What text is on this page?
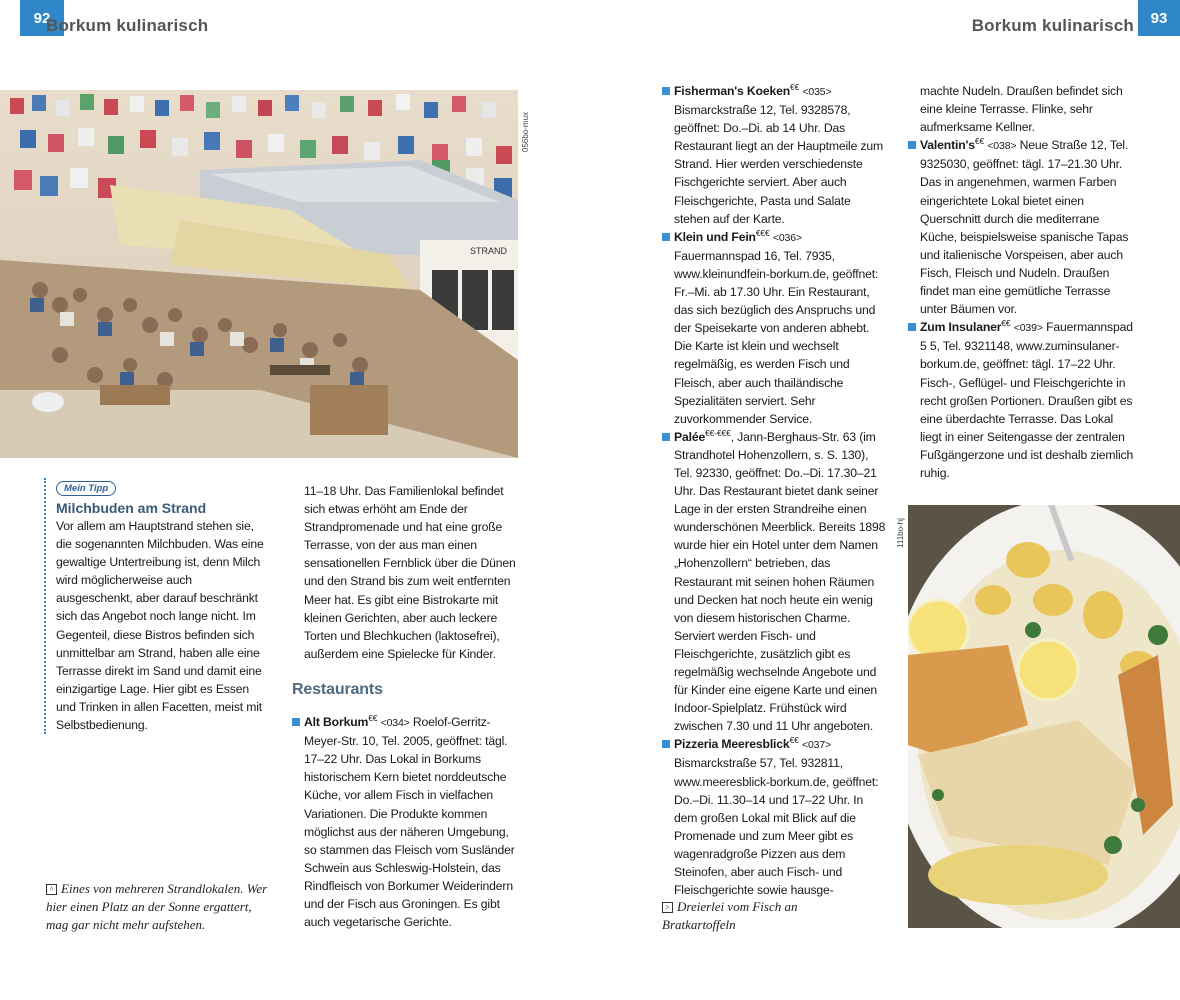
92
Borkum kulinarisch	Borkum kulinarisch	93
STRAND
056bo-mux
Mein Tipp
Milchbuden am Strand
Vor allem am Hauptstrand stehen sie, die sogenannten Milchbuden. Was eine gewaltige Untertreibung ist, denn Milch wird möglicherweise auch ausgeschenkt, aber darauf beschränkt sich das Angebot noch lange nicht. Im Gegenteil, diese Bistros befinden sich unmittelbar am Strand, haben alle eine Terrasse direkt im Sand und damit eine einzigartige Lage. Hier gibt es Essen und Trinken in allen Facetten, meist mit Selbstbedienung.
^ Eines von mehreren Strandlokalen. Wer hier einen Platz an der Sonne ergattert, mag gar nicht mehr aufstehen.

11–18 Uhr. Das Familienlokal befindet sich etwas erhöht am Ende der Strandpromenade und hat eine große Terrasse, von der aus man einen sensationellen Fernblick über die Dünen und den Strand bis zum weit entfernten Meer hat. Es gibt eine Bistrokarte mit kleinen Gerichten, aber auch leckere Torten und Blechkuchen (laktosefrei), außerdem eine Spielecke für Kinder.

Restaurants
Alt Borkum€€ <034> Roelof-Gerritz-Meyer-Str. 10, Tel. 2005, geöffnet: tägl. 17–22 Uhr. Das Lokal in Borkums historischem Kern bietet norddeutsche Küche, vor allem Fisch in vielfachen Variationen. Die Produkte kommen möglichst aus der näheren Umgebung, so stammen das Fleisch vom Susländer Schwein aus Schleswig-Holstein, das Rindfleisch von Borkumer Weiderindern und der Fisch aus Groningen. Es gibt auch vegetarische Gerichte.
Fisherman's Koeken€€ <035> Bismarckstraße 12, Tel. 9328578, geöffnet: Do.–Di. ab 14 Uhr. Das Restaurant liegt an der Hauptmeile zum Strand. Hier werden verschiedenste Fischgerichte serviert. Aber auch Fleischgerichte, Pasta und Salate stehen auf der Karte.
Klein und Fein€€€ <036> Fauermannspad 16, Tel. 7935, www.kleinundfein-borkum.de, geöffnet: Fr.–Mi. ab 17.30 Uhr. Ein Restaurant, das sich bezüglich des Anspruchs und der Speisekarte von anderen abhebt. Die Karte ist klein und wechselt regelmäßig, es werden Fisch und Fleisch, aber auch thailändische Spezialitäten serviert. Sehr zuvorkommender Service.
Paléе€€-€€€, Jann-Berghaus-Str. 63 (im Strandhotel Hohenzollern, s. S. 130), Tel. 92330, geöffnet: Do.–Di. 17.30–21 Uhr. Das Restaurant bietet dank seiner Lage in der ersten Strandreihe einen wunderschönen Meerblick. Bereits 1898 wurde hier ein Hotel unter dem Namen „Hohenzollern“ betrieben, das Restaurant mit seinen hohen Räumen und Decken hat noch heute ein wenig von diesem historischen Charme. Serviert werden Fisch- und Fleischgerichte, zusätzlich gibt es regelmäßig wechselnde Angebote und für Kinder eine eigene Karte und einen Indoor-Spielplatz. Frühstück wird zwischen 7.30 und 11 Uhr angeboten.
Pizzeria Meeresblick€€ <037> Bismarckstraße 57, Tel. 932811, www.meeresblick-borkum.de, geöffnet: Do.–Di. 11.30–14 und 17–22 Uhr. In dem großen Lokal mit Blick auf die Promenade und zum Meer gibt es wagenradgroße Pizzen aus dem Steinofen, aber auch Fisch- und Fleischgerichte sowie hausge-
> Dreierlei vom Fisch an Bratkartoffeln

machte Nudeln. Draußen befindet sich eine kleine Terrasse. Flinke, sehr aufmerksame Kellner.

Valentin's€€ <038> Neue Straße 12, Tel. 9325030, geöffnet: tägl. 17–21.30 Uhr. Das in angenehmen, warmen Farben eingerichtete Lokal bietet einen Querschnitt durch die mediterrane Küche, beispielsweise spanische Tapas und italienische Vorspeisen, aber auch Fisch, Fleisch und Nudeln. Draußen findet man eine gemütliche Terrasse unter Bäumen vor.
Zum Insulaner€€ <039> Fauermannspad 5 5, Tel. 9321148, www.zuminsulaner-borkum.de, geöffnet: tägl. 17–22 Uhr. Fisch-, Geflügel- und Fleischgerichte in recht großen Portionen. Draußen gibt es eine überdachte Terrasse. Das Lokal liegt in einer Seitengasse der zentralen Fußgängerzone und ist deshalb ziemlich ruhig.
111bo-hj
